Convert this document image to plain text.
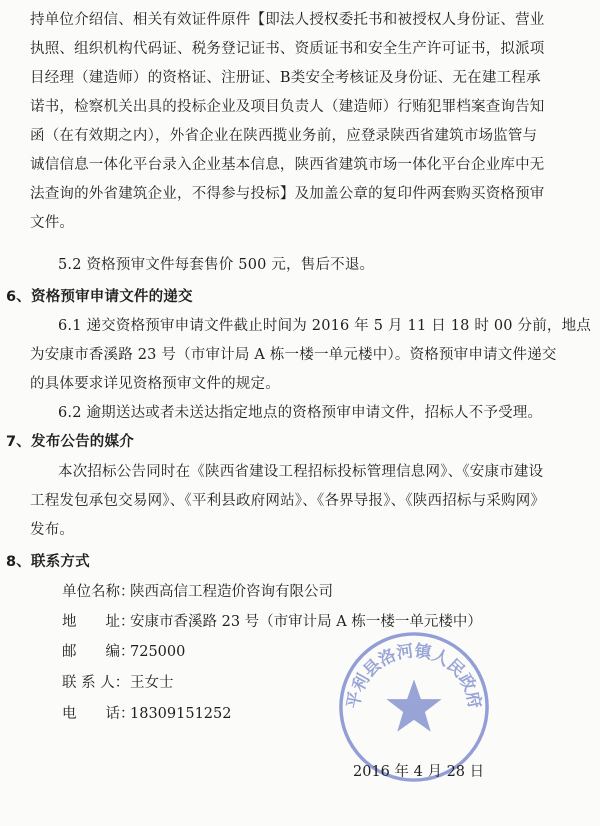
持单位介绍信、相关有效证件原件【即法人授权委托书和被授权人身份证、营业
执照、组织机构代码证、税务登记证书、资质证书和安全生产许可证书，拟派项
目经理（建造师）的资格证、注册证、B类安全考核证及身份证、无在建工程承
诺书，检察机关出具的投标企业及项目负责人（建造师）行贿犯罪档案查询告知
函（在有效期之内），外省企业在陕西揽业务前，应登录陕西省建筑市场监管与
诚信信息一体化平台录入企业基本信息，陕西省建筑市场一体化平台企业库中无
法查询的外省建筑企业，不得参与投标】及加盖公章的复印件两套购买资格预审
文件。
5.2 资格预审文件每套售价 500 元，售后不退。
6、资格预审申请文件的递交
6.1 递交资格预审申请文件截止时间为 2016 年 5 月 11 日 18 时 00 分前，地点
为安康市香溪路 23 号（市审计局 A 栋一楼一单元楼中）。资格预审申请文件递交
的具体要求详见资格预审文件的规定。
6.2 逾期送达或者未送达指定地点的资格预审申请文件，招标人不予受理。
7、发布公告的媒介
本次招标公告同时在《陕西省建设工程招标投标管理信息网》、《安康市建设
工程发包承包交易网》、《平利县政府网站》、《各界导报》、《陕西招标与采购网》
发布。
8、联系方式
单位名称：陕西高信工程造价咨询有限公司
地　　址：安康市香溪路 23 号（市审计局 A 栋一楼一单元楼中）
邮　　编：725000
联 系 人：王女士
电　　话：18309151252
平利县洛河镇人民政府
2016 年 4 月 28 日
